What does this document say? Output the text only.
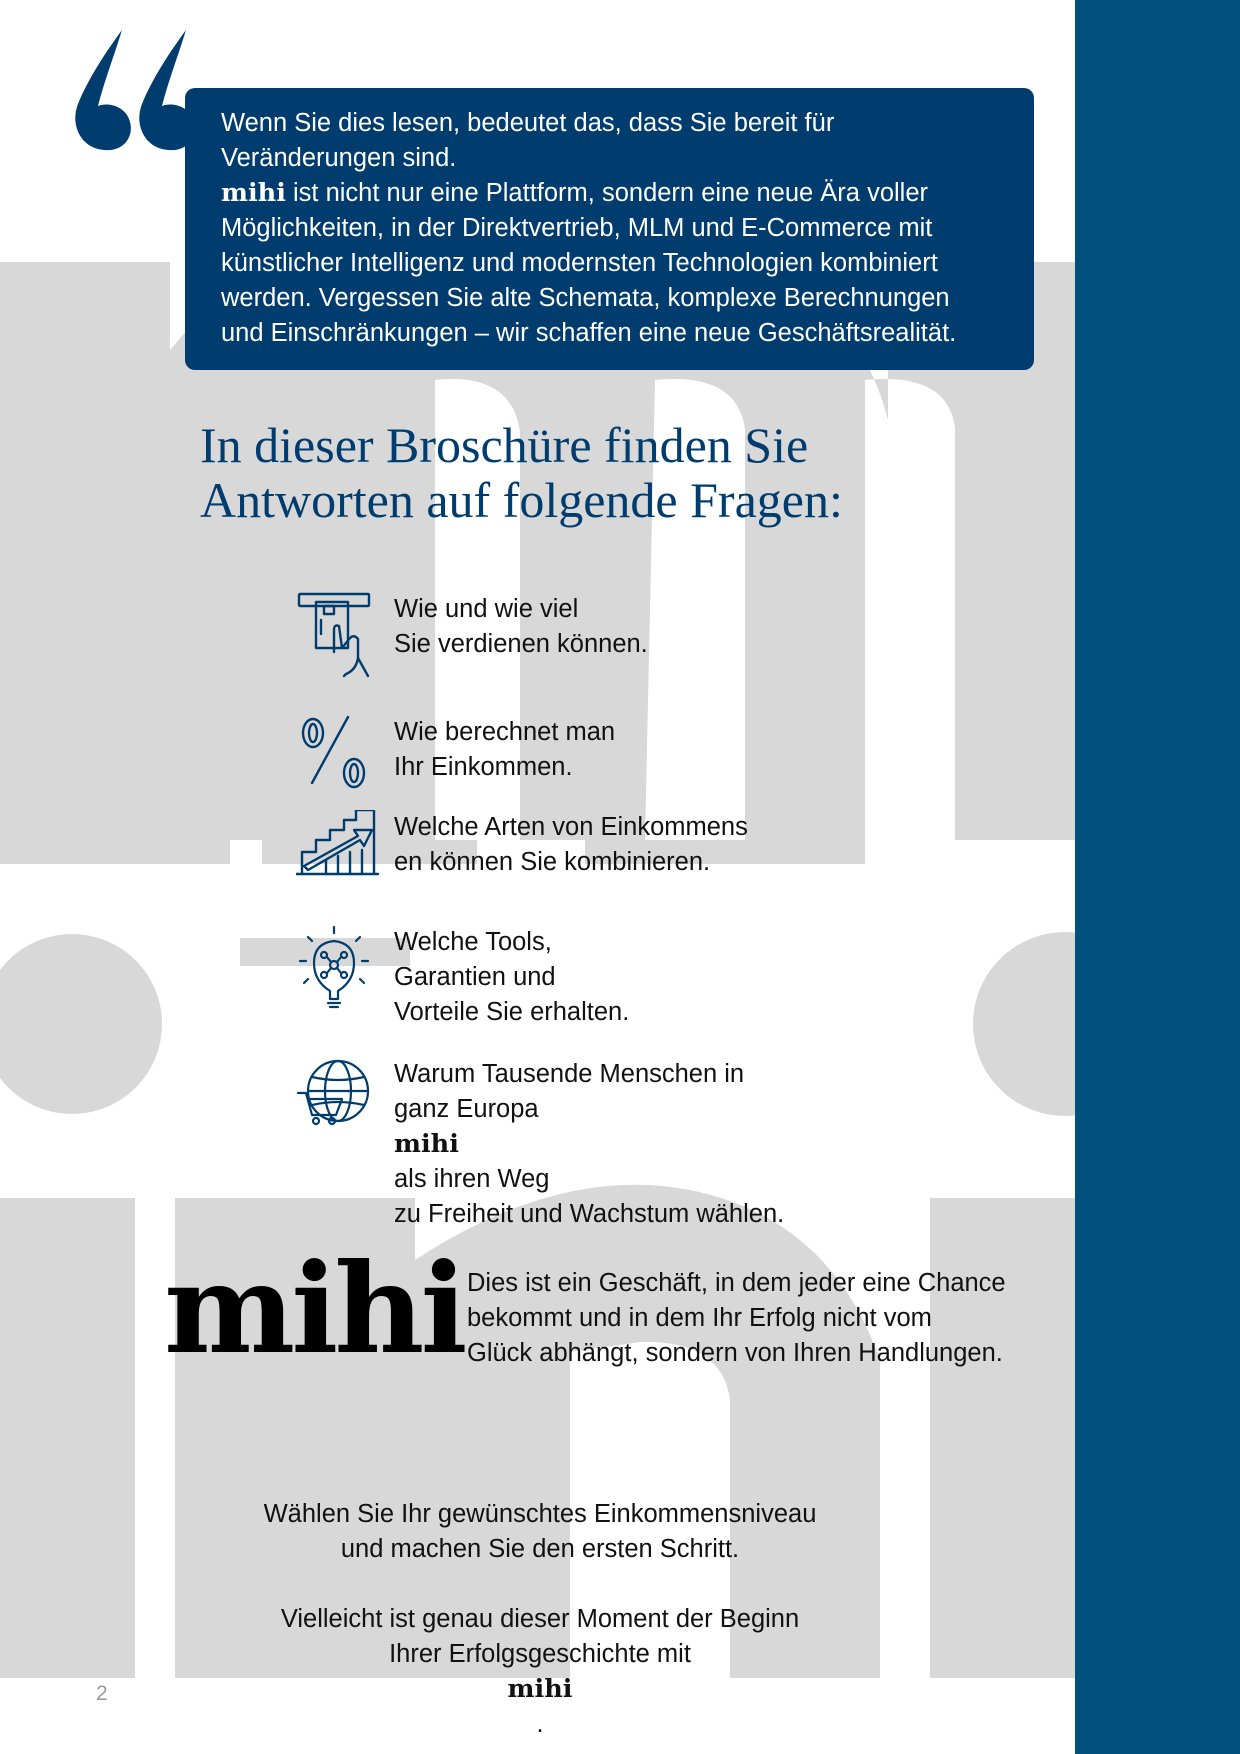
Wenn Sie dies lesen, bedeutet das, dass Sie bereit für
Veränderungen sind.
mihi ist nicht nur eine Plattform, sondern eine neue Ära voller
Möglichkeiten, in der Direktvertrieb, MLM und E-Commerce mit
künstlicher Intelligenz und modernsten Technologien kombiniert
werden. Vergessen Sie alte Schemata, komplexe Berechnungen
und Einschränkungen – wir schaffen eine neue Geschäftsrealität.

In dieser Broschüre finden Sie
Antworten auf folgende Fragen:
Wie und wie viel
Sie verdienen können.
Wie berechnet man
Ihr Einkommen.
Welche Arten von Einkommens
en können Sie kombinieren.
Welche Tools,
Garantien und
Vorteile Sie erhalten.
Warum Tausende Menschen in
ganz Europa
mihi
als ihren Weg
zu Freiheit und Wachstum wählen.
mihi Dies ist ein Geschäft, in dem jeder eine Chance
bekommt und in dem Ihr Erfolg nicht vom
Glück abhängt, sondern von Ihren Handlungen.
Wählen Sie Ihr gewünschtes Einkommensniveau
und machen Sie den ersten Schritt.
Vielleicht ist genau dieser Moment der Beginn
Ihrer Erfolgsgeschichte mit
mihi
.
2
